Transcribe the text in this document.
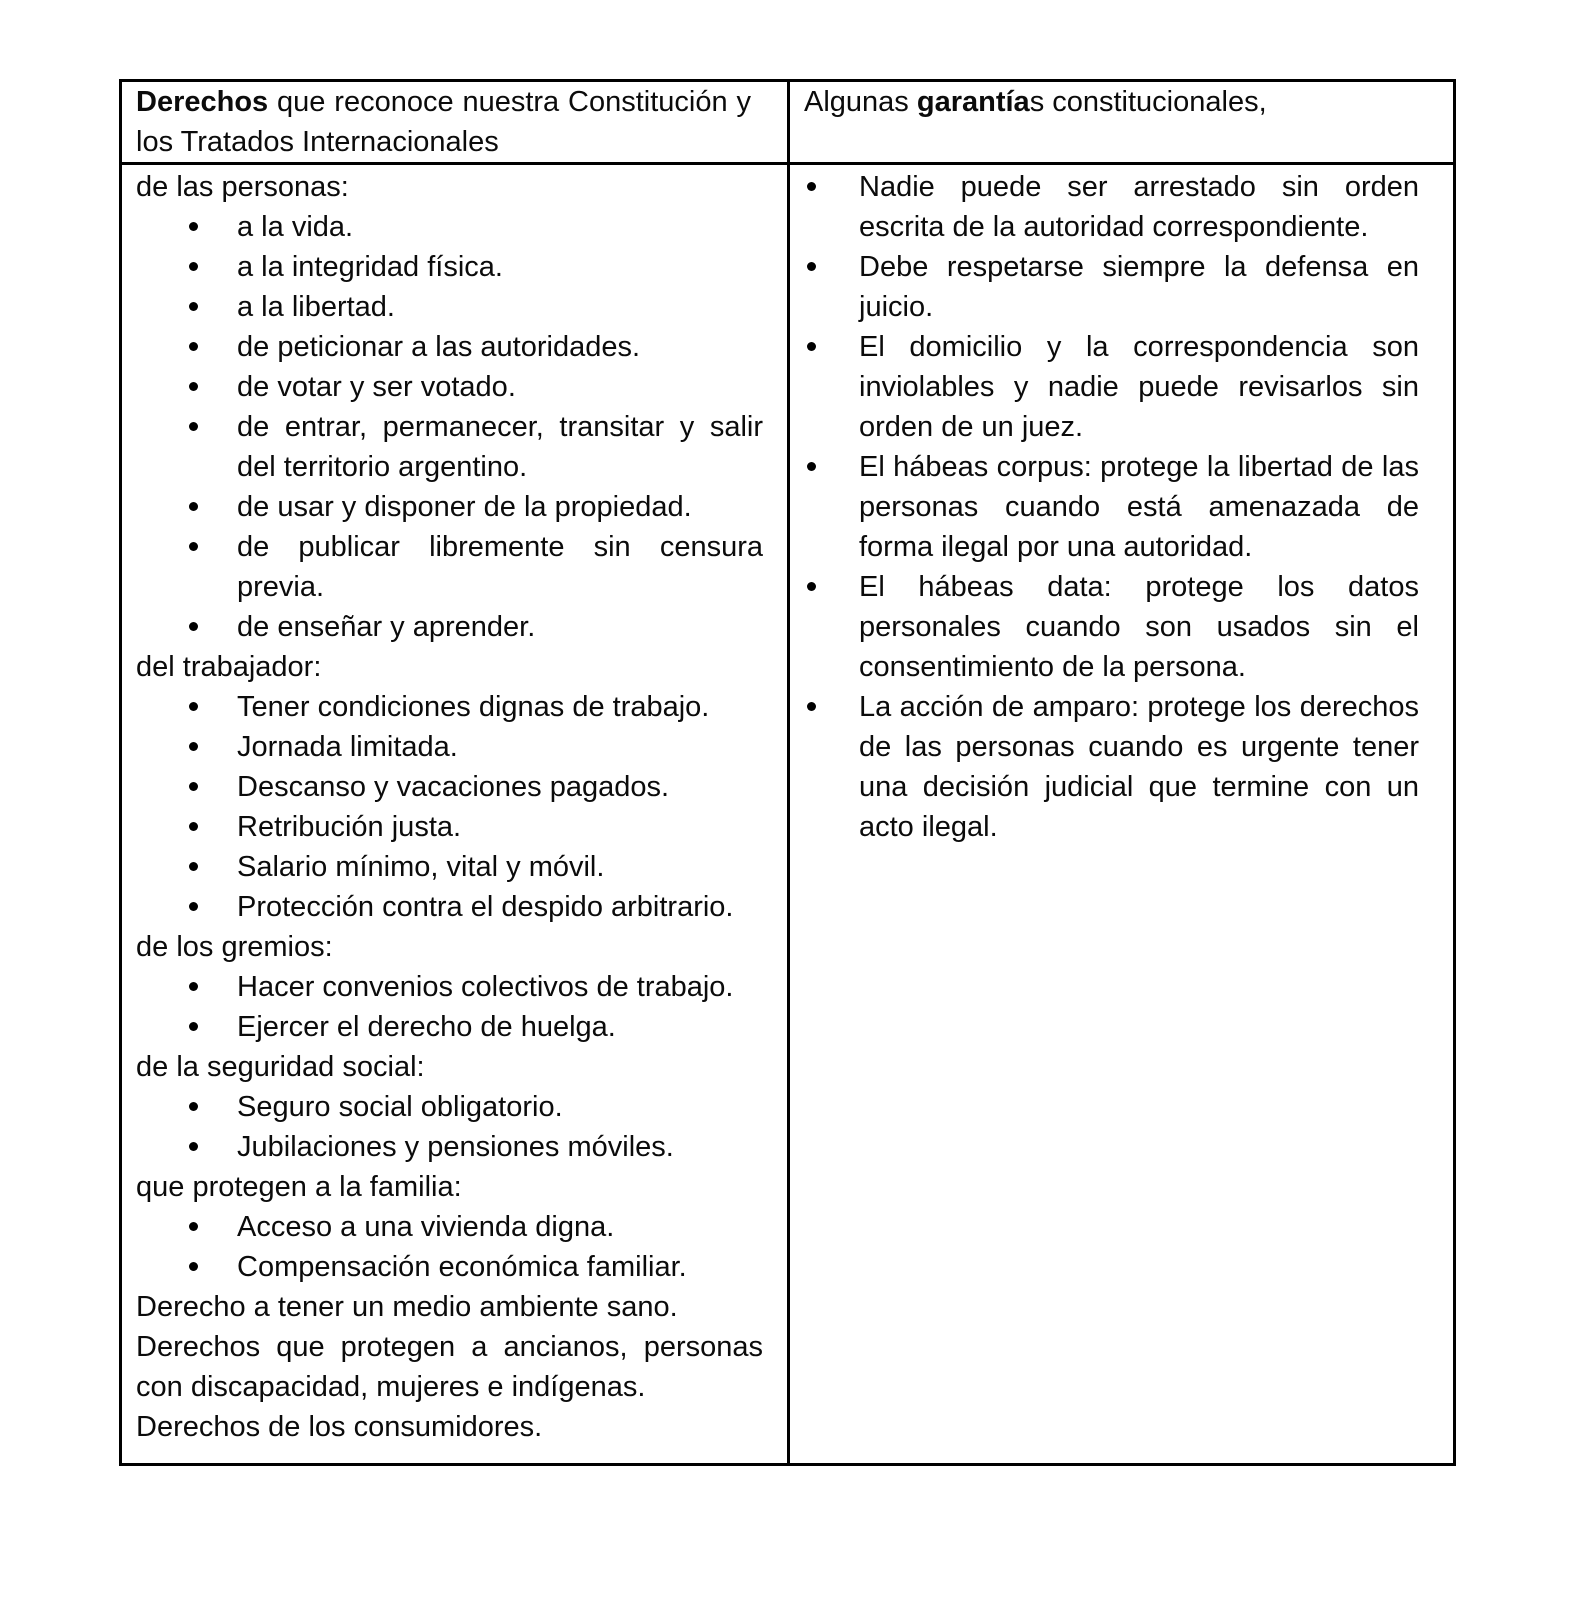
Derechos que reconoce nuestra Constitución y los Tratados Internacionales
Algunas garantías constitucionales,
de las personas:
a la vida.
a la integridad física.
a la libertad.
de peticionar a las autoridades.
de votar y ser votado.
de entrar, permanecer, transitar y salir del territorio argentino.
de usar y disponer de la propiedad.
de publicar libremente sin censura previa.
de enseñar y aprender.
del trabajador:
Tener condiciones dignas de trabajo.
Jornada limitada.
Descanso y vacaciones pagados.
Retribución justa.
Salario mínimo, vital y móvil.
Protección contra el despido arbitrario.
de los gremios:
Hacer convenios colectivos de trabajo.
Ejercer el derecho de huelga.
de la seguridad social:
Seguro social obligatorio.
Jubilaciones y pensiones móviles.
que protegen a la familia:
Acceso a una vivienda digna.
Compensación económica familiar.
Derecho a tener un medio ambiente sano.
Derechos que protegen a ancianos, personas con discapacidad, mujeres e indígenas.
Derechos de los consumidores.
Nadie puede ser arrestado sin orden escrita de la autoridad correspondiente.
Debe respetarse siempre la defensa en juicio.
El domicilio y la correspondencia son inviolables y nadie puede revisarlos sin orden de un juez.
El hábeas corpus: protege la libertad de las personas cuando está amenazada de forma ilegal por una autoridad.
El hábeas data: protege los datos personales cuando son usados sin el consentimiento de la persona.
La acción de amparo: protege los derechos de las personas cuando es urgente tener una decisión judicial que termine con un acto ilegal.
